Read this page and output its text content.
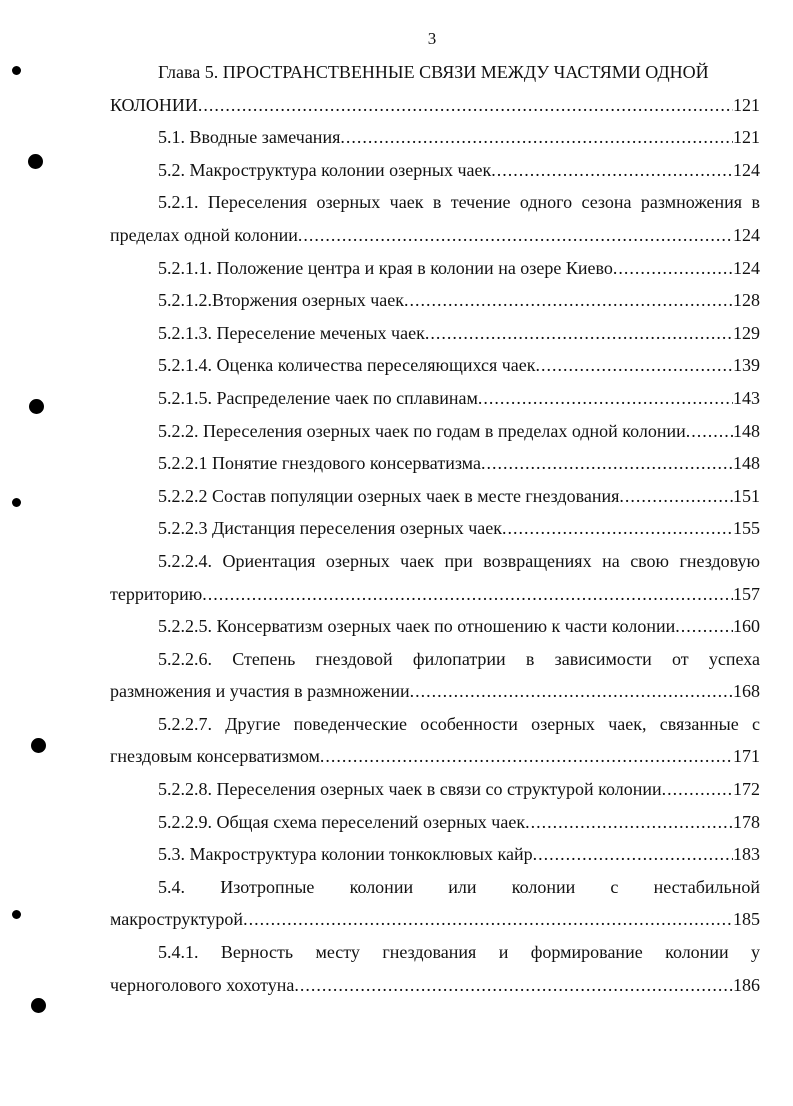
3
Глава 5. ПРОСТРАНСТВЕННЫЕ СВЯЗИ МЕЖДУ ЧАСТЯМИ ОДНОЙ
КОЛОНИИ .....	121
5.1. Вводные замечания .....	121
5.2. Макроструктура колонии озерных чаек .....	124
5.2.1. Переселения озерных чаек в течение одного сезона размножения в
пределах одной колонии .....	124
5.2.1.1. Положение центра и края в колонии на озере Киево .....	124
5.2.1.2.Вторжения озерных чаек .....	128
5.2.1.3. Переселение меченых чаек .....	129
5.2.1.4. Оценка количества переселяющихся чаек .....	139
5.2.1.5. Распределение чаек по сплавинам .....	143
5.2.2. Переселения озерных чаек по годам в пределах одной колонии .....	148
5.2.2.1 Понятие гнездового консерватизма .....	148
5.2.2.2 Состав популяции озерных чаек в месте гнездования .....	151
5.2.2.3 Дистанция переселения озерных чаек .....	155
5.2.2.4. Ориентация озерных чаек при возвращениях на свою гнездовую
территорию .....	157
5.2.2.5. Консерватизм озерных чаек по отношению к части колонии .....	160
5.2.2.6. Степень гнездовой филопатрии в зависимости от успеха
размножения и участия в размножении .....	168
5.2.2.7. Другие поведенческие особенности озерных чаек, связанные с
гнездовым консерватизмом .....	171
5.2.2.8. Переселения озерных чаек в связи со структурой колонии .....	172
5.2.2.9. Общая схема переселений озерных чаек .....	178
5.3. Макроструктура колонии тонкоклювых кайр .....	183
5.4. Изотропные колонии или колонии с нестабильной
макроструктурой .....	185
5.4.1. Верность месту гнездования и формирование колонии у
черноголового хохотуна .....	186
